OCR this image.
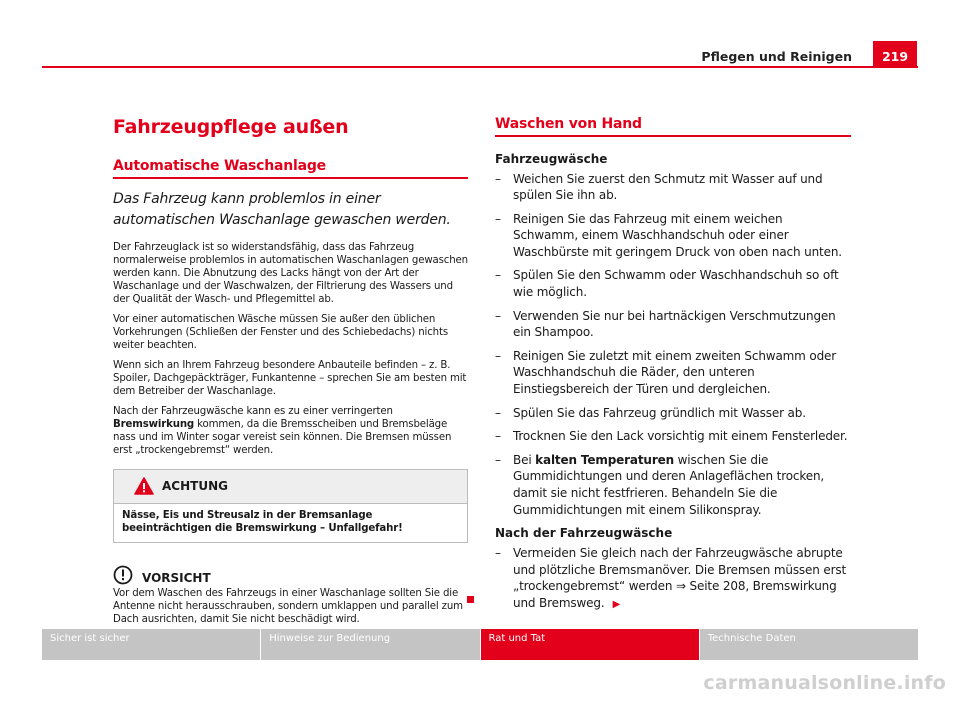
Pflegen und Reinigen	219
Fahrzeugpflege außen
Automatische Waschanlage

Das Fahrzeug kann problemlos in einer automatischen Waschanlage gewaschen werden.

Der Fahrzeuglack ist so widerstandsfähig, dass das Fahrzeug normalerweise problemlos in automatischen Waschanlagen gewaschen werden kann. Die Abnutzung des Lacks hängt von der Art der Waschanlage und der Waschwalzen, der Filtrierung des Wassers und der Qualität der Wasch- und Pflegemittel ab.

Vor einer automatischen Wäsche müssen Sie außer den üblichen Vorkehrungen (Schließen der Fenster und des Schiebedachs) nichts weiter beachten.

Wenn sich an Ihrem Fahrzeug besondere Anbauteile befinden – z. B. Spoiler, Dachgepäckträger, Funkantenne – sprechen Sie am besten mit dem Betreiber der Waschanlage.

Nach der Fahrzeugwäsche kann es zu einer verringerten Bremswirkung kommen, da die Bremsscheiben und Bremsbeläge nass und im Winter sogar vereist sein können. Die Bremsen müssen erst „trockengebremst“ werden.

ACHTUNG
Nässe, Eis und Streusalz in der Bremsanlage beeinträchtigen die Bremswirkung – Unfallgefahr!
VORSICHT
Vor dem Waschen des Fahrzeugs in einer Waschanlage sollten Sie die Antenne nicht herausschrauben, sondern umklappen und parallel zum Dach ausrichten, damit Sie nicht beschädigt wird.
Waschen von Hand

Fahrzeugwäsche

– Weichen Sie zuerst den Schmutz mit Wasser auf und spülen Sie ihn ab.
– Reinigen Sie das Fahrzeug mit einem weichen Schwamm, einem Waschhandschuh oder einer Waschbürste mit geringem Druck von oben nach unten.
– Spülen Sie den Schwamm oder Waschhandschuh so oft wie möglich.
– Verwenden Sie nur bei hartnäckigen Verschmutzungen ein Shampoo.
– Reinigen Sie zuletzt mit einem zweiten Schwamm oder Waschhandschuh die Räder, den unteren Einstiegsbereich der Türen und dergleichen.
– Spülen Sie das Fahrzeug gründlich mit Wasser ab.
– Trocknen Sie den Lack vorsichtig mit einem Fensterleder.
– Bei kalten Temperaturen wischen Sie die Gummidichtungen und deren Anlageflächen trocken, damit sie nicht festfrieren. Behandeln Sie die Gummidichtungen mit einem Silikonspray.

Nach der Fahrzeugwäsche

– Vermeiden Sie gleich nach der Fahrzeugwäsche abrupte und plötzliche Bremsmanöver. Die Bremsen müssen erst „trockengebremst“ werden ⇒ Seite 208, Bremswirkung und Bremsweg. ▶
Sicher ist sicher	Hinweise zur Bedienung	Rat und Tat	Technische Daten
carmanualsonline.info
